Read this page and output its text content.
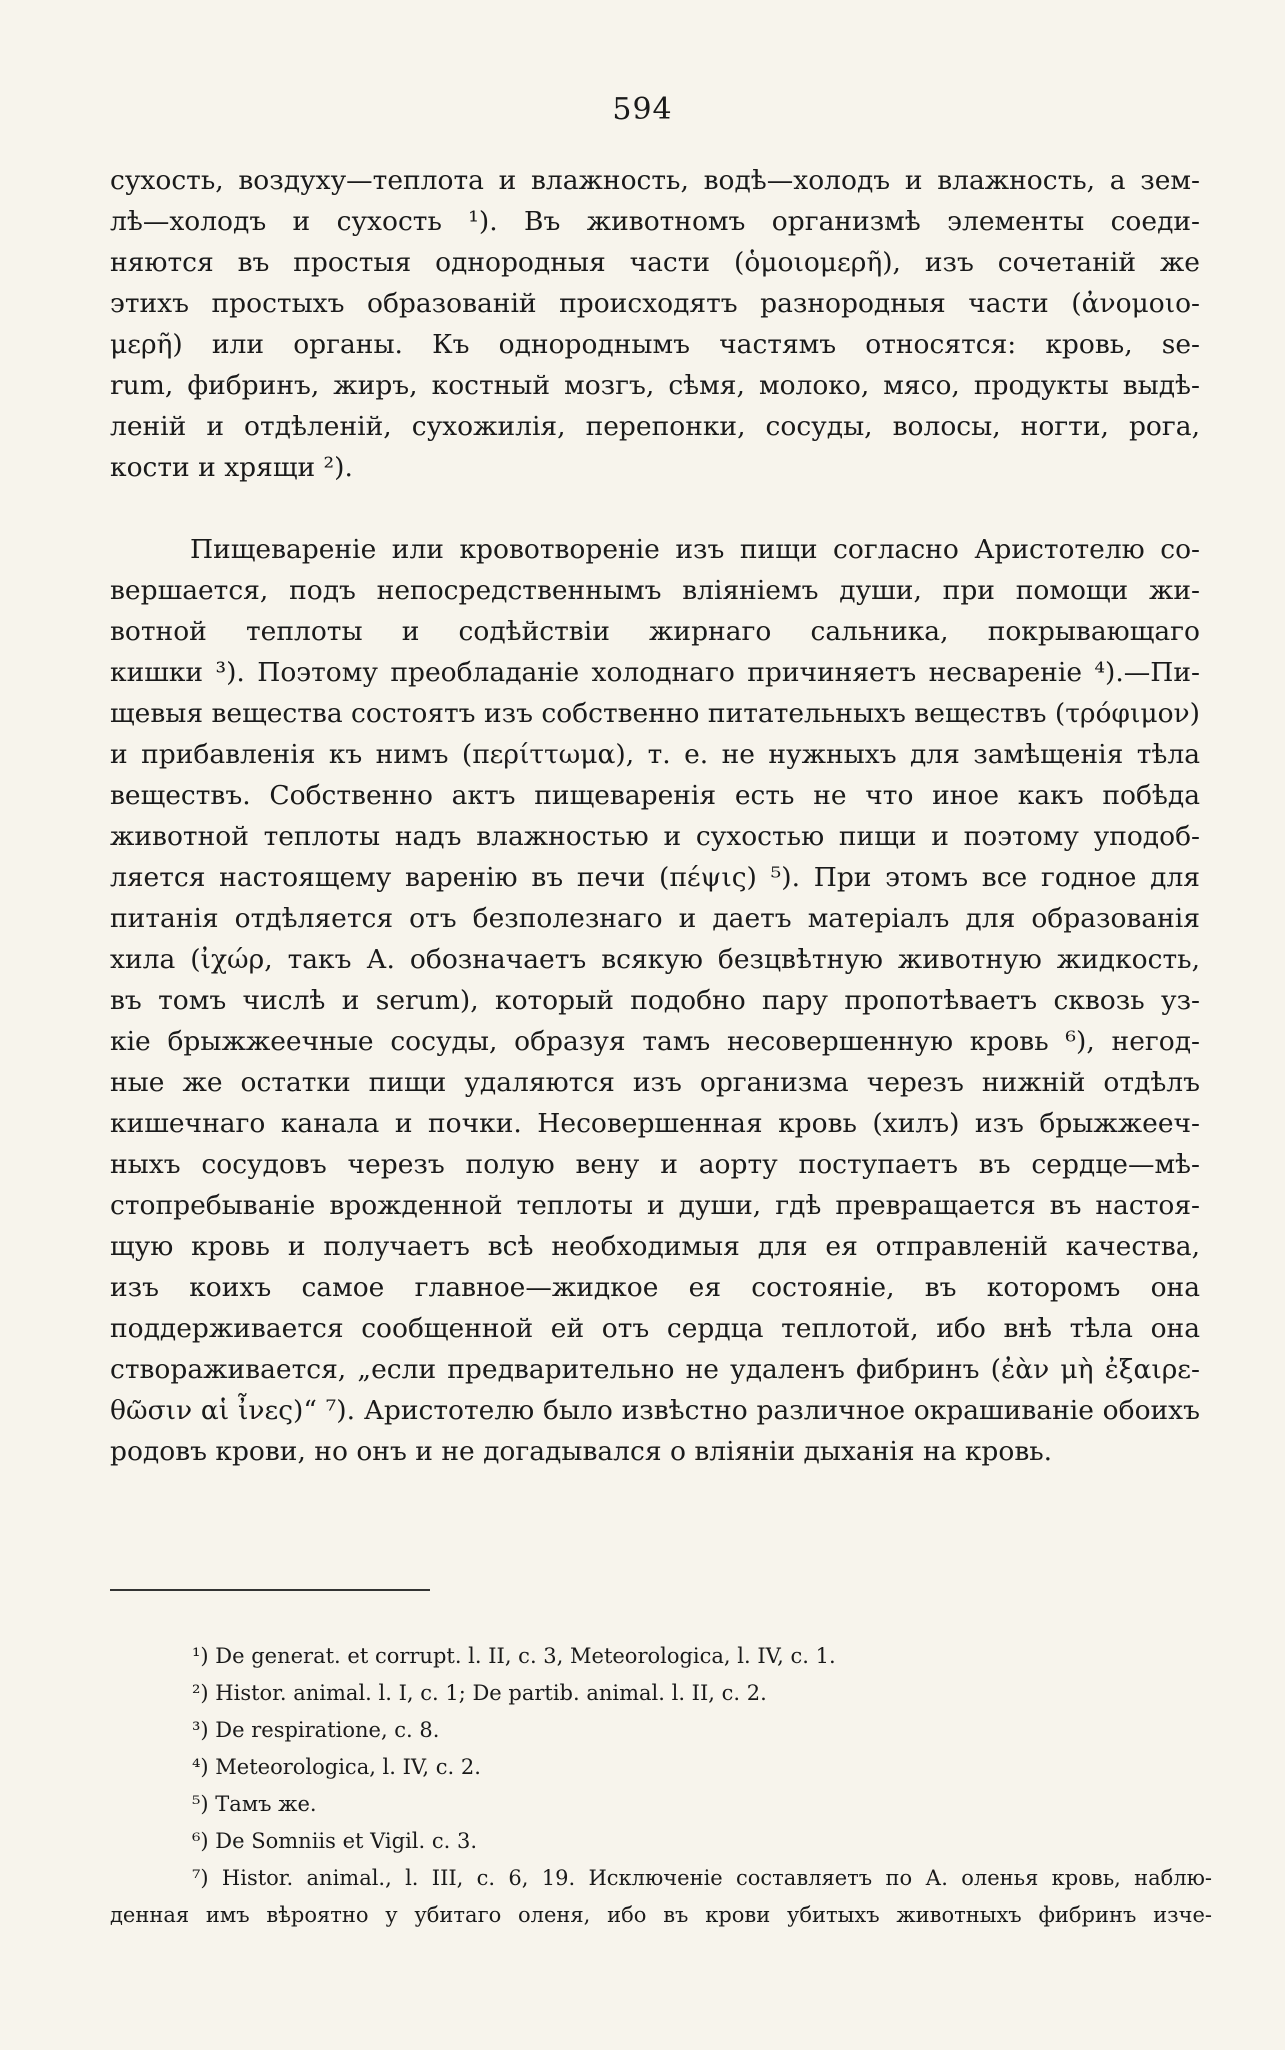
594
сухость, воздуху—теплота и влажность, водѣ—холодъ и влажность, а зем-
лѣ—холодъ и сухость ¹). Въ животномъ организмѣ элементы соеди-
няются въ простыя однородныя части (ὁμοιομερῆ), изъ сочетаній же
этихъ простыхъ образованій происходятъ разнородныя части (ἀνομοιο-
μερῆ) или органы. Къ однороднымъ частямъ относятся: кровь, se-
rum, фибринъ, жиръ, костный мозгъ, сѣмя, молоко, мясо, продукты выдѣ-
леній и отдѣленій, сухожилія, перепонки, сосуды, волосы, ногти, рога,
кости и хрящи ²).
Пищевареніе или кровотвореніе изъ пищи согласно Аристотелю со-
вершается, подъ непосредственнымъ вліяніемъ души, при помощи жи-
вотной теплоты и содѣйствіи жирнаго сальника, покрывающаго
кишки ³). Поэтому преобладаніе холоднаго причиняетъ несвареніе ⁴).—Пи-
щевыя вещества состоятъ изъ собственно питательныхъ веществъ (τρόφιμον)
и прибавленія къ нимъ (περίττωμα), т. е. не нужныхъ для замѣщенія тѣла
веществъ. Собственно актъ пищеваренія есть не что иное какъ побѣда
животной теплоты надъ влажностью и сухостью пищи и поэтому уподоб-
ляется настоящему варенію въ печи (πέψις) ⁵). При этомъ все годное для
питанія отдѣляется отъ безполезнаго и даетъ матеріалъ для образованія
хила (ἰχώρ, такъ А. обозначаетъ всякую безцвѣтную животную жидкость,
въ томъ числѣ и serum), который подобно пару пропотѣваетъ сквозь уз-
кіе брыжжеечные сосуды, образуя тамъ несовершенную кровь ⁶), негод-
ные же остатки пищи удаляются изъ организма черезъ нижній отдѣлъ
кишечнаго канала и почки. Несовершенная кровь (хилъ) изъ брыжжееч-
ныхъ сосудовъ черезъ полую вену и аорту поступаетъ въ сердце—мѣ-
стопребываніе врожденной теплоты и души, гдѣ превращается въ настоя-
щую кровь и получаетъ всѣ необходимыя для ея отправленій качества,
изъ коихъ самое главное—жидкое ея состояніе, въ которомъ она
поддерживается сообщенной ей отъ сердца теплотой, ибо внѣ тѣла она
створаживается, „если предварительно не удаленъ фибринъ (ἐὰν μὴ ἐξαιρε-
θῶσιν αἱ ἶνες)“ ⁷). Аристотелю было извѣстно различное окрашиваніе обоихъ
родовъ крови, но онъ и не догадывался о вліяніи дыханія на кровь.
¹) De generat. et corrupt. l. II, c. 3, Meteorologica, l. IV, c. 1.
²) Histor. animal. l. I, c. 1; De partib. animal. l. II, c. 2.
³) De respiratione, c. 8.
⁴) Meteorologica, l. IV, c. 2.
⁵) Тамъ же.
⁶) De Somniis et Vigil. c. 3.
⁷) Histor. animal., l. III, c. 6, 19. Исключеніе составляетъ по А. оленья кровь, наблю-
денная имъ вѣроятно у убитаго оленя, ибо въ крови убитыхъ животныхъ фибринъ изче-
